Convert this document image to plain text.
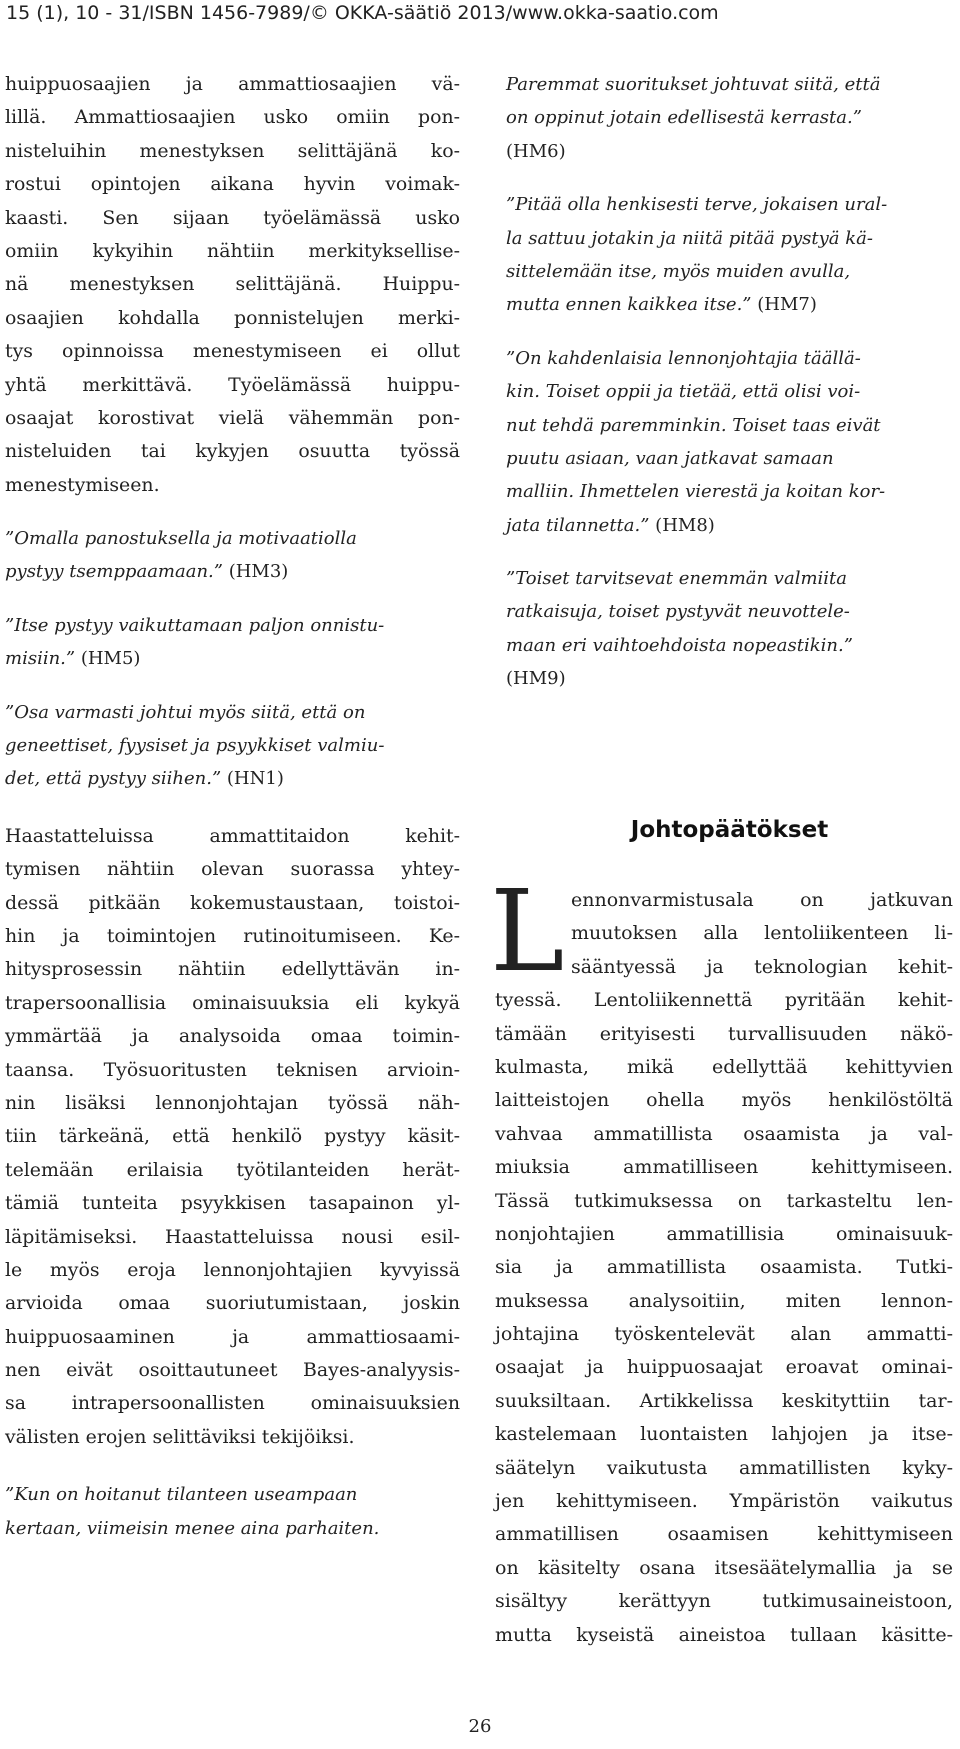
15 (1), 10 - 31/ISBN 1456-7989/© OKKA-säätiö 2013/www.okka-saatio.com
huippuosaajien ja ammattiosaajien vä-
lillä. Ammattiosaajien usko omiin pon-
nisteluihin menestyksen selittäjänä ko-
rostui opintojen aikana hyvin voimak-
kaasti. Sen sijaan työelämässä usko
omiin kykyihin nähtiin merkityksellise-
nä menestyksen selittäjänä. Huippu-
osaajien kohdalla ponnistelujen merki-
tys opinnoissa menestymiseen ei ollut
yhtä merkittävä. Työelämässä huippu-
osaajat korostivat vielä vähemmän pon-
nisteluiden tai kykyjen osuutta työssä
menestymiseen.
”Omalla panostuksella ja motivaatiolla
pystyy tsemppaamaan.” (HM3)
”Itse pystyy vaikuttamaan paljon onnistu-
misiin.” (HM5)
”Osa varmasti johtui myös siitä, että on
geneettiset, fyysiset ja psyykkiset valmiu-
det, että pystyy siihen.” (HN1)
Haastatteluissa ammattitaidon kehit-
tymisen nähtiin olevan suorassa yhtey-
dessä pitkään kokemustaustaan, toistoi-
hin ja toimintojen rutinoitumiseen. Ke-
hitysprosessin nähtiin edellyttävän in-
trapersoonallisia ominaisuuksia eli kykyä
ymmärtää ja analysoida omaa toimin-
taansa. Työsuoritusten teknisen arvioin-
nin lisäksi lennonjohtajan työssä näh-
tiin tärkeänä, että henkilö pystyy käsit-
telemään erilaisia työtilanteiden herät-
tämiä tunteita psyykkisen tasapainon yl-
läpitämiseksi. Haastatteluissa nousi esil-
le myös eroja lennonjohtajien kyvyissä
arvioida omaa suoriutumistaan, joskin
huippuosaaminen ja ammattiosaami-
nen eivät osoittautuneet Bayes-analyysis-
sa intrapersoonallisten ominaisuuksien
välisten erojen selittäviksi tekijöiksi.
”Kun on hoitanut tilanteen useampaan
kertaan, viimeisin menee aina parhaiten.
Paremmat suoritukset johtuvat siitä, että
on oppinut jotain edellisestä kerrasta.”
(HM6)
”Pitää olla henkisesti terve, jokaisen ural-
la sattuu jotakin ja niitä pitää pystyä kä-
sittelemään itse, myös muiden avulla,
mutta ennen kaikkea itse.” (HM7)
”On kahdenlaisia lennonjohtajia täällä-
kin. Toiset oppii ja tietää, että olisi voi-
nut tehdä paremminkin. Toiset taas eivät
puutu asiaan, vaan jatkavat samaan
malliin. Ihmettelen vierestä ja koitan kor-
jata tilannetta.” (HM8)
”Toiset tarvitsevat enemmän valmiita
ratkaisuja, toiset pystyvät neuvottele-
maan eri vaihtoehdoista nopeastikin.”
(HM9)
Johtopäätökset
L ennonvarmistusala on jatkuvan
muutoksen alla lentoliikenteen li-
sääntyessä ja teknologian kehit-
tyessä. Lentoliikennettä pyritään kehit-
tämään erityisesti turvallisuuden näkö-
kulmasta, mikä edellyttää kehittyvien
laitteistojen ohella myös henkilöstöltä
vahvaa ammatillista osaamista ja val-
miuksia ammatilliseen kehittymiseen.
Tässä tutkimuksessa on tarkasteltu len-
nonjohtajien ammatillisia ominaisuuk-
sia ja ammatillista osaamista. Tutki-
muksessa analysoitiin, miten lennon-
johtajina työskentelevät alan ammatti-
osaajat ja huippuosaajat eroavat ominai-
suuksiltaan. Artikkelissa keskityttiin tar-
kastelemaan luontaisten lahjojen ja itse-
säätelyn vaikutusta ammatillisten kyky-
jen kehittymiseen. Ympäristön vaikutus
ammatillisen osaamisen kehittymiseen
on käsitelty osana itsesäätelymallia ja se
sisältyy kerättyyn tutkimusaineistoon,
mutta kyseistä aineistoa tullaan käsitte-
26
